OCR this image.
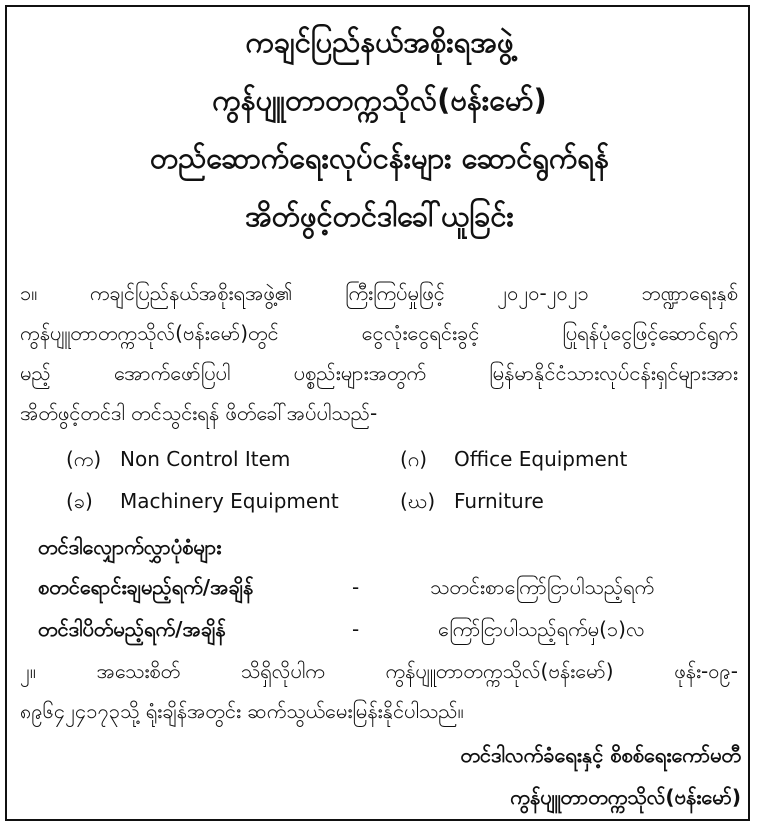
ကချင်ပြည်နယ်အစိုးရအဖွဲ့
ကွန်ပျူတာတက္ကသိုလ်(ဗန်းမော်)
တည်ဆောက်ရေးလုပ်ငန်းများ ဆောင်ရွက်ရန်
အိတ်ဖွင့်တင်ဒါခေါ်ယူခြင်း
၁။ ကချင်ပြည်နယ်အစိုးရအဖွဲ့၏ ကြီးကြပ်မှုဖြင့် ၂၀၂၀-၂၀၂၁ ဘဏ္ဍာရေးနှစ်
ကွန်ပျူတာတက္ကသိုလ်(ဗန်းမော်)တွင် ငွေလုံးငွေရင်းခွင့် ပြုရန်ပုံငွေဖြင့်ဆောင်ရွက်
မည့် အောက်ဖော်ပြပါ ပစ္စည်းများအတွက် မြန်မာနိုင်ငံသားလုပ်ငန်းရှင်များအား
အိတ်ဖွင့်တင်ဒါ တင်သွင်းရန် ဖိတ်ခေါ်အပ်ပါသည်-
(က) Non Control Item	(ဂ) Office Equipment
(ခ) Machinery Equipment	(ဃ) Furniture
တင်ဒါလျှောက်လွှာပုံစံများ
စတင်ရောင်းချမည့်ရက်/အချိန်	-	သတင်းစာကြော်ငြာပါသည့်ရက်
တင်ဒါပိတ်မည့်ရက်/အချိန်	-	ကြော်ငြာပါသည့်ရက်မှ(၁)လ
၂။ အသေးစိတ် သိရှိလိုပါက ကွန်ပျူတာတက္ကသိုလ်(ဗန်းမော်) ဖုန်း-၀၉-
၈၉၆၄၂၄၁၇၃သို့ ရုံးချိန်အတွင်း ဆက်သွယ်မေးမြန်းနိုင်ပါသည်။
တင်ဒါလက်ခံရေးနှင့် စိစစ်ရေးကော်မတီ
ကွန်ပျူတာတက္ကသိုလ်(ဗန်းမော်)
